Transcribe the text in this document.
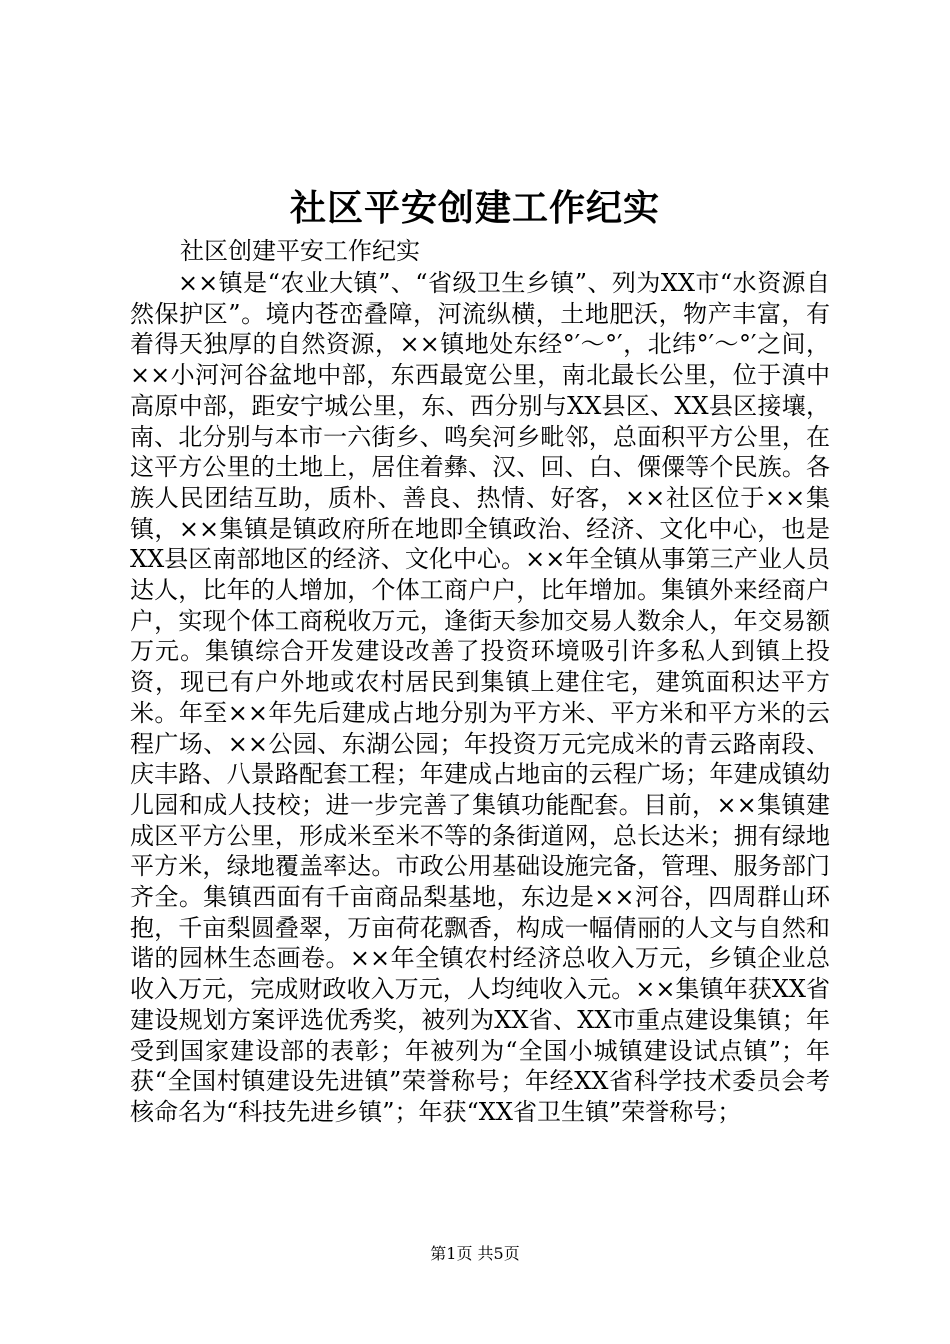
社区平安创建工作纪实
社区创建平安工作纪实

××镇是“农业大镇”、“省级卫生乡镇”、列为XX市“水资源自然保护区”。境内苍峦叠障，河流纵横，土地肥沃，物产丰富，有着得天独厚的自然资源，××镇地处东经°′～°′，北纬°′～°′之间，××小河河谷盆地中部，东西最宽公里，南北最长公里，位于滇中高原中部，距安宁城公里，东、西分别与XX县区、XX县区接壤，南、北分别与本市一六街乡、鸣矣河乡毗邻，总面积平方公里，在这平方公里的土地上，居住着彝、汉、回、白、傈僳等个民族。各族人民团结互助，质朴、善良、热情、好客，××社区位于××集镇，××集镇是镇政府所在地即全镇政治、经济、文化中心，也是XX县区南部地区的经济、文化中心。××年全镇从事第三产业人员达人，比年的人增加，个体工商户户，比年增加。集镇外来经商户户，实现个体工商税收万元，逢街天参加交易人数余人，年交易额万元。集镇综合开发建设改善了投资环境吸引许多私人到镇上投资，现已有户外地或农村居民到集镇上建住宅，建筑面积达平方米。年至××年先后建成占地分别为平方米、平方米和平方米的云程广场、××公园、东湖公园；年投资万元完成米的青云路南段、庆丰路、八景路配套工程；年建成占地亩的云程广场；年建成镇幼儿园和成人技校；进一步完善了集镇功能配套。目前，××集镇建成区平方公里，形成米至米不等的条街道网，总长达米；拥有绿地平方米，绿地覆盖率达。市政公用基础设施完备，管理、服务部门齐全。集镇西面有千亩商品梨基地，东边是××河谷，四周群山环抱，千亩梨圆叠翠，万亩荷花飘香，构成一幅倩丽的人文与自然和谐的园林生态画卷。××年全镇农村经济总收入万元，乡镇企业总收入万元，完成财政收入万元，人均纯收入元。××集镇年获XX省建设规划方案评选优秀奖，被列为XX省、XX市重点建设集镇；年受到国家建设部的表彰；年被列为“全国小城镇建设试点镇”；年获“全国村镇建设先进镇”荣誉称号；年经XX省科学技术委员会考核命名为“科技先进乡镇”；年获“XX省卫生镇”荣誉称号；

第1页 共5页
